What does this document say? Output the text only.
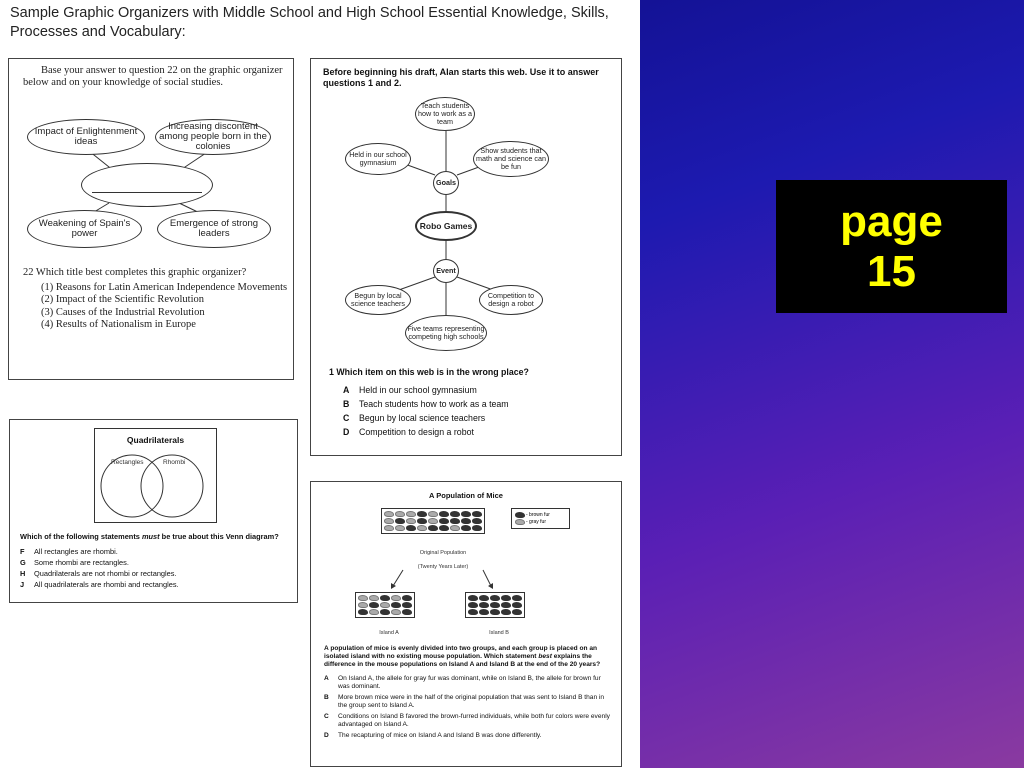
Sample Graphic Organizers with Middle School and High School Essential Knowledge, Skills, Processes and Vocabulary:
Base your answer to question 22 on the graphic organizer below and on your knowledge of social studies.
Impact of Enlightenment ideas
Increasing discontent among people born in the colonies
Weakening of Spain's power
Emergence of strong leaders
22 Which title best completes this graphic organizer?
(1) Reasons for Latin American Independence Movements
(2) Impact of the Scientific Revolution
(3) Causes of the Industrial Revolution
(4) Results of Nationalism in Europe
Before beginning his draft, Alan starts this web. Use it to answer questions 1 and 2.
Teach students how to work as a team
Held in our school gymnasium
Show students that math and science can be fun
Goals
Robo Games
Event
Begun by local science teachers
Competition to design a robot
Five teams representing competing high schools
1 Which item on this web is in the wrong place?
A	Held in our school gymnasium
B	Teach students how to work as a team
C	Begun by local science teachers
D	Competition to design a robot
Quadrilaterals
Rectangles	Rhombi
Which of the following statements must be true about this Venn diagram?
F	All rectangles are rhombi.
G	Some rhombi are rectangles.
H	Quadrilaterals are not rhombi or rectangles.
J	All quadrilaterals are rhombi and rectangles.
A Population of Mice
- brown fur
- gray fur
Original Population
(Twenty Years Later)
Island A	Island B
A population of mice is evenly divided into two groups, and each group is placed on an isolated island with no existing mouse population. Which statement best explains the difference in the mouse populations on Island A and Island B at the end of the 20 years?
A	On Island A, the allele for gray fur was dominant, while on Island B, the allele for brown fur was dominant.
B	More brown mice were in the half of the original population that was sent to Island B than in the group sent to Island A.
C	Conditions on Island B favored the brown-furred individuals, while both fur colors were evenly advantaged on Island A.
D	The recapturing of mice on Island A and Island B was done differently.
page
15
